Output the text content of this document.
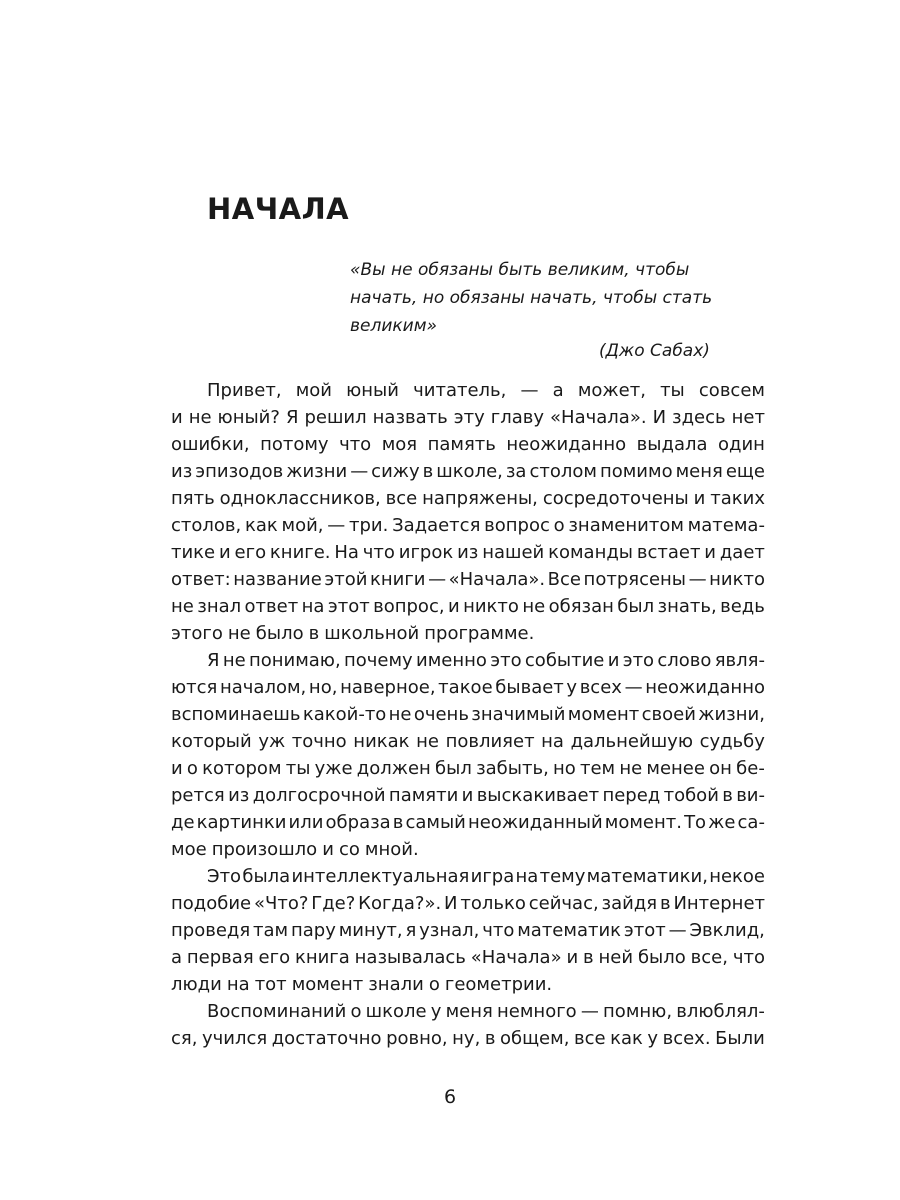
НАЧАЛА
«Вы не обязаны быть великим, чтобы
начать, но обязаны начать, чтобы стать
великим»
(Джо Сабах)
Привет, мой юный читатель, — а может, ты совсем
и не юный? Я решил назвать эту главу «Начала». И здесь нет
ошибки, потому что моя память неожиданно выдала один
из эпизодов жизни — сижу в школе, за столом помимо меня еще
пять одноклассников, все напряжены, сосредоточены и таких
столов, как мой, — три. Задается вопрос о знаменитом матема-
тике и его книге. На что игрок из нашей команды встает и дает
ответ: название этой книги — «Начала». Все потрясены — никто
не знал ответ на этот вопрос, и никто не обязан был знать, ведь
этого не было в школьной программе.
Я не понимаю, почему именно это событие и это слово явля-
ются началом, но, наверное, такое бывает у всех — неожиданно
вспоминаешь какой-то не очень значимый момент своей жизни,
который уж точно никак не повлияет на дальнейшую судьбу
и о котором ты уже должен был забыть, но тем не менее он бе-
рется из долгосрочной памяти и выскакивает перед тобой в ви-
де картинки или образа в самый неожиданный момент. То же са-
мое произошло и со мной.
Это была интеллектуальная игра на тему математики, некое
подобие «Что? Где? Когда?». И только сейчас, зайдя в Интернет
проведя там пару минут, я узнал, что математик этот — Эвклид,
а первая его книга называлась «Начала» и в ней было все, что
люди на тот момент знали о геометрии.
Воспоминаний о школе у меня немного — помню, влюблял-
ся, учился достаточно ровно, ну, в общем, все как у всех. Были
6
